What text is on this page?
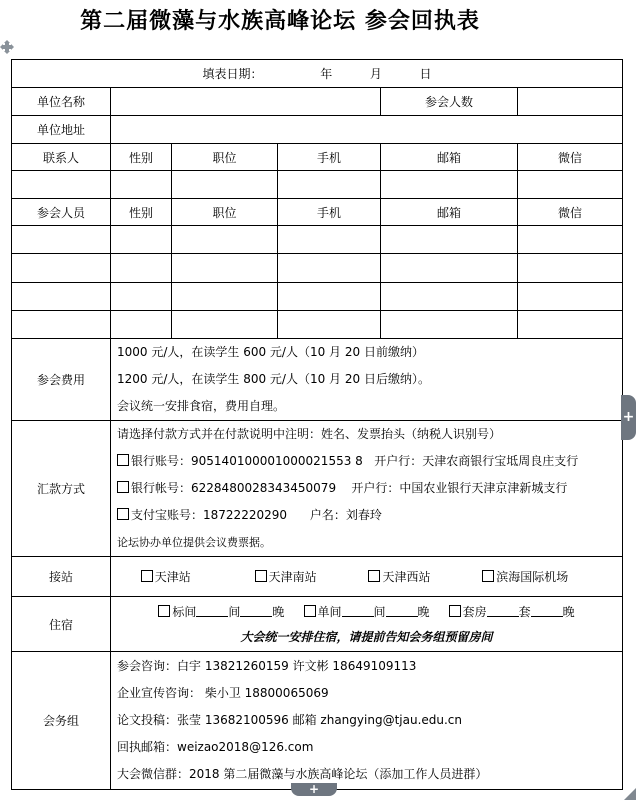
第二届微藻与水族高峰论坛 参会回执表
填表日期： 年 月 日					
单位名称				参会人数	
单位地址					
联系人	性别	职位	手机	邮箱	微信

参会人员	性别	职位	手机	邮箱	微信

参会费用	1000 元/人，在读学生 600 元/人（10 月 20 日前缴纳）
1200 元/人，在读学生 800 元/人（10 月 20 日后缴纳）。
会议统一安排食宿，费用自理。				

汇款方式	请选择付款方式并在付款说明中注明：姓名、发票抬头（纳税人识别号）
银行账号：905140100001000021553 8 开户行：天津农商银行宝坻周良庄支行
银行帐号：6228480028343450079 开户行：中国农业银行天津京津新城支行
支付宝账号：18722220290 户名：刘春玲
论坛协办单位提供会议费票据。				

接站	天津站 天津南站 天津西站 滨海国际机场				
住宿	标间 间 晚 单间 间 晚 套房 套 晚
大会统一安排住宿，请提前告知会务组预留房间				

会务组	参会咨询：白宇 13821260159 许文彬 18649109113
企业宣传咨询： 柴小卫 18800065069
论文投稿：张莹 13682100596 邮箱 zhangying@tjau.edu.cn
回执邮箱：weizao2018@126.com
大会微信群：2018 第二届微藻与水族高峰论坛（添加工作人员进群）				
+
+
